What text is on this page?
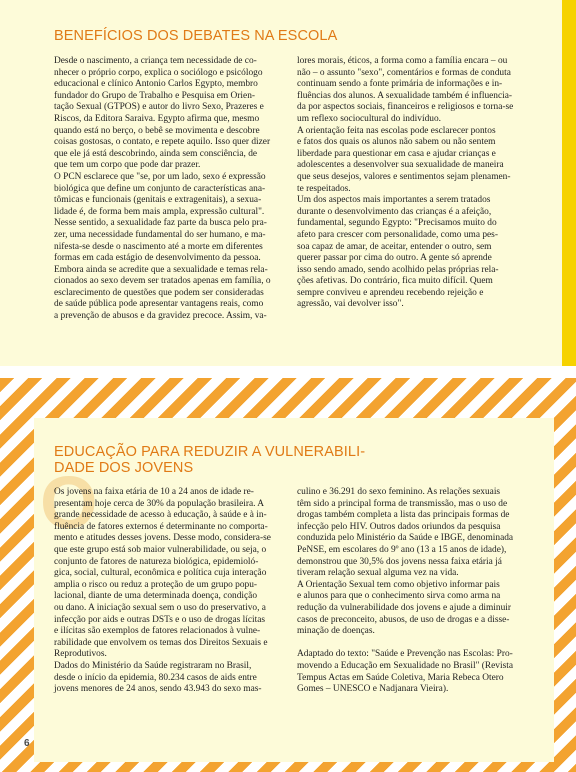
BENEFÍCIOS DOS DEBATES NA ESCOLA

Desde o nascimento, a criança tem necessidade de co-

nhecer o próprio corpo, explica o sociólogo e psicólogo

educacional e clínico Antonio Carlos Egypto, membro

fundador do Grupo de Trabalho e Pesquisa em Orien-

tação Sexual (GTPOS) e autor do livro Sexo, Prazeres e

Riscos, da Editora Saraiva. Egypto afirma que, mesmo

quando está no berço, o bebê se movimenta e descobre

coisas gostosas, o contato, e repete aquilo. Isso quer dizer

que ele já está descobrindo, ainda sem consciência, de

que tem um corpo que pode dar prazer.

O PCN esclarece que "se, por um lado, sexo é expressão

biológica que define um conjunto de características ana-

tômicas e funcionais (genitais e extragenitais), a sexua-

lidade é, de forma bem mais ampla, expressão cultural".

Nesse sentido, a sexualidade faz parte da busca pelo pra-

zer, uma necessidade fundamental do ser humano, e ma-

nifesta-se desde o nascimento até a morte em diferentes

formas em cada estágio de desenvolvimento da pessoa.

Embora ainda se acredite que a sexualidade e temas rela-

cionados ao sexo devem ser tratados apenas em família, o

esclarecimento de questões que podem ser consideradas

de saúde pública pode apresentar vantagens reais, como

a prevenção de abusos e da gravidez precoce. Assim, va-

lores morais, éticos, a forma como a família encara – ou

não – o assunto "sexo", comentários e formas de conduta

continuam sendo a fonte primária de informações e in-

fluências dos alunos. A sexualidade também é influencia-

da por aspectos sociais, financeiros e religiosos e torna-se

um reflexo sociocultural do indivíduo.

A orientação feita nas escolas pode esclarecer pontos

e fatos dos quais os alunos não sabem ou não sentem

liberdade para questionar em casa e ajudar crianças e

adolescentes a desenvolver sua sexualidade de maneira

que seus desejos, valores e sentimentos sejam plenamen-

te respeitados.

Um dos aspectos mais importantes a serem tratados

durante o desenvolvimento das crianças é a afeição,

fundamental, segundo Egypto: "Precisamos muito do

afeto para crescer com personalidade, como uma pes-

soa capaz de amar, de aceitar, entender o outro, sem

querer passar por cima do outro. A gente só aprende

isso sendo amado, sendo acolhido pelas próprias rela-

ções afetivas. Do contrário, fica muito difícil. Quem

sempre conviveu e aprendeu recebendo rejeição e

agressão, vai devolver isso".

EDUCAÇÃO PARA REDUZIR A VULNERABILI-
DADE DOS JOVENS
O

Os jovens na faixa etária de 10 a 24 anos de idade re-

presentam hoje cerca de 30% da população brasileira. A

grande necessidade de acesso à educação, à saúde e à in-

fluência de fatores externos é determinante no comporta-

mento e atitudes desses jovens. Desse modo, considera-se

que este grupo está sob maior vulnerabilidade, ou seja, o

conjunto de fatores de natureza biológica, epidemioló-

gica, social, cultural, econômica e política cuja interação

amplia o risco ou reduz a proteção de um grupo popu-

lacional, diante de uma determinada doença, condição

ou dano. A iniciação sexual sem o uso do preservativo, a

infecção por aids e outras DSTs e o uso de drogas lícitas

e ilícitas são exemplos de fatores relacionados à vulne-

rabilidade que envolvem os temas dos Direitos Sexuais e

Reprodutivos.

Dados do Ministério da Saúde registraram no Brasil,

desde o início da epidemia, 80.234 casos de aids entre

jovens menores de 24 anos, sendo 43.943 do sexo mas-

culino e 36.291 do sexo feminino. As relações sexuais

têm sido a principal forma de transmissão, mas o uso de

drogas também completa a lista das principais formas de

infecção pelo HIV. Outros dados oriundos da pesquisa

conduzida pelo Ministério da Saúde e IBGE, denominada

PeNSE, em escolares do 9º ano (13 a 15 anos de idade),

demonstrou que 30,5% dos jovens nessa faixa etária já

tiveram relação sexual alguma vez na vida.

A Orientação Sexual tem como objetivo informar pais

e alunos para que o conhecimento sirva como arma na

redução da vulnerabilidade dos jovens e ajude a diminuir

casos de preconceito, abusos, de uso de drogas e a disse-

minação de doenças.

Adaptado do texto: "Saúde e Prevenção nas Escolas: Pro-

movendo a Educação em Sexualidade no Brasil" (Revista

Tempus Actas em Saúde Coletiva, Maria Rebeca Otero

Gomes – UNESCO e Nadjanara Vieira).

6
